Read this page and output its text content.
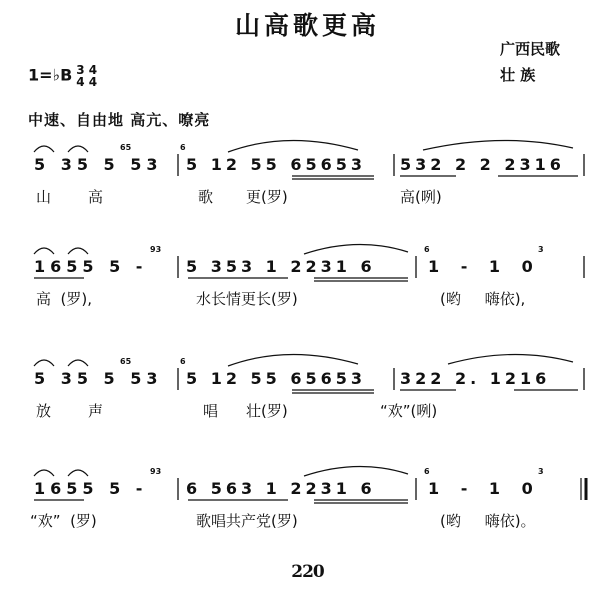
山高歌更高
广西民歌
壮 族
1=♭B 3 4
4 4
中速、自由地 高亢、嘹亮
65	6
5 35 5 53 5 12 55 65653 532 2 2 2316
山 高	歌 更(罗)	高(咧)
93	6	3
1655 5 - 5 353 1 2231 6	1 - 1 0
高  (罗),	水长情更长(罗)	(哟     嗨依),
65	6
5 35 5 53 5 12 55 65653 322 2. 1216
放 声	唱 壮(罗)	“欢”(咧)
93	6	3
1655 5 - 6 563 1 2231 6	1 - 1 0
“欢”  (罗)	歌唱共产党(罗)	(哟     嗨依)。
220
